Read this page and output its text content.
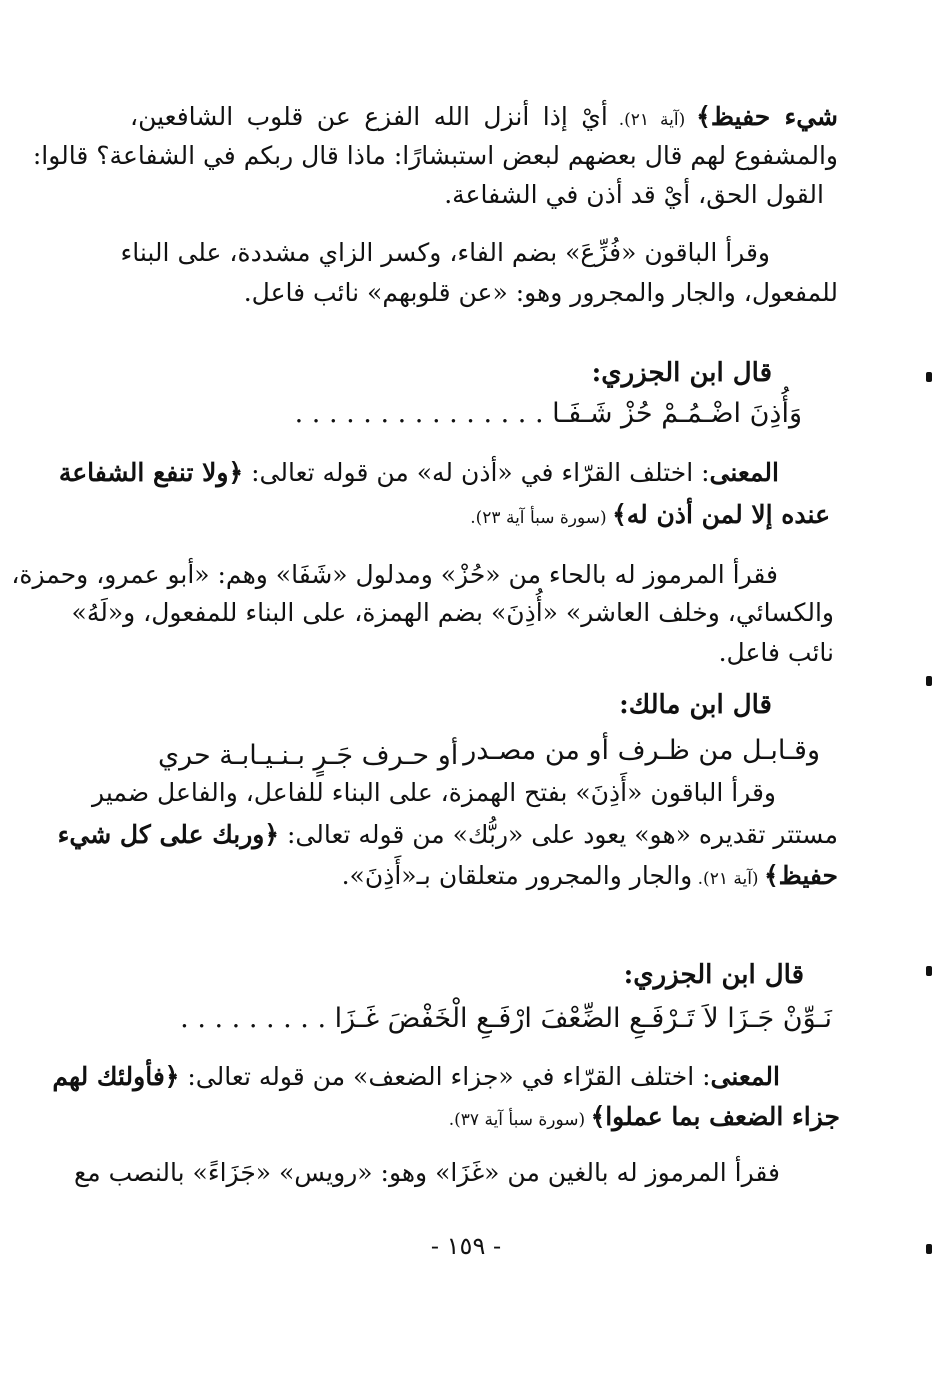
شيء حفيظ﴾ (آية ٢١). أيْ إذا أنزل الله الفزع عن قلوب الشافعين،
والمشفوع لهم قال بعضهم لبعض استبشارًا: ماذا قال ربكم في الشفاعة؟ قالوا:
القول الحق، أيْ قد أذن في الشفاعة.
وقرأ الباقون «فُزِّعَ» بضم الفاء، وكسر الزاي مشددة، على البناء
للمفعول، والجار والمجرور وهو: «عن قلوبهم» نائب فاعل.
قال ابن الجزري:
وَأُذِنَ اضْـمُـمْ حُزْ شَـفَـا . . . . . . . . . . . . . . .
المعنى: اختلف القرّاء في «أذن له» من قوله تعالى: ﴿ولا تنفع الشفاعة
عنده إلا لمن أذن له﴾ (سورة سبأ آية ٢٣).
فقرأ المرموز له بالحاء من «حُزْ» ومدلول «شَفَا» وهم: «أبو عمرو، وحمزة،
والكسائي، وخلف العاشر» «أُذِنَ» بضم الهمزة، على البناء للمفعول، و«لَهُ»
نائب فاعل.
قال ابن مالك:
وقـابـل من ظـرف أو من مصـدر
أو حـرف جَـرٍ بـنـيـابـة حري
وقرأ الباقون «أَذِنَ» بفتح الهمزة، على البناء للفاعل، والفاعل ضمير
مستتر تقديره «هو» يعود على «ربُّك» من قوله تعالى: ﴿وربك على كل شيء
حفيظ﴾ (آية ٢١). والجار والمجرور متعلقان بـ«أَذِنَ».
قال ابن الجزري:
نَـوِّنْ جَـزَا لاَ تَـرْفَـعِ الضِّعْفَ ارْفَـعِ الْخَفْضَ غَـزَا . . . . . . . . .
المعنى: اختلف القرّاء في «جزاء الضعف» من قوله تعالى: ﴿فأولئك لهم
جزاء الضعف بما عملوا﴾ (سورة سبأ آية ٣٧).
فقرأ المرموز له بالغين من «غَزَا» وهو: «رويس» «جَزَاءً» بالنصب مع
- ١٥٩ -
